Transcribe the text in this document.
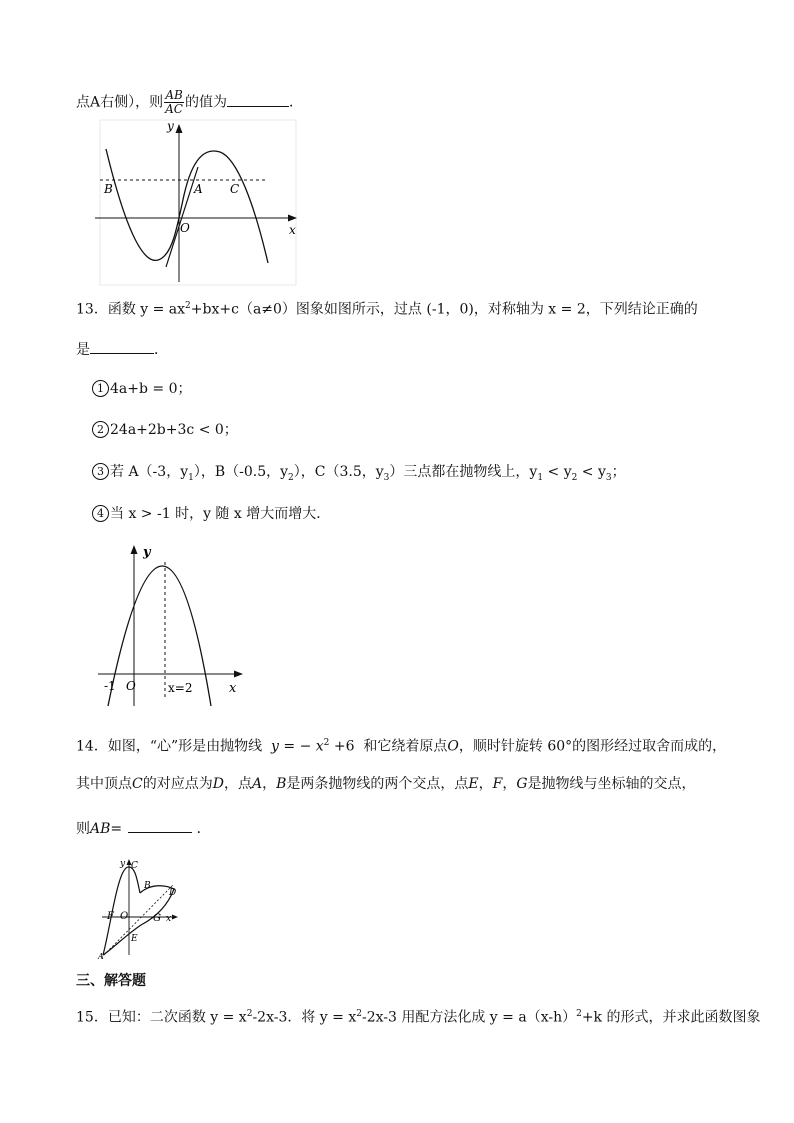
点A右侧），则 $\frac{AB}{AC}$ 的值为	．
y
x
O
B	A C
13．函数 $y = ax^2+bx+c(a\ne 0)$图象如图所示，过点 (-1，0)，对称轴为 x = 2，下列结论正确的
是	．
1 4a+b = 0；
2 24a+2b+3c < 0；
3 若 A（-3，$y_1$），B（-0.5，$y_2$），C（3.5，$y_3$）三点都在抛物线上，$y_1 < y_2 < y_3$；
4 当 x > -1 时，y 随 x 增大而增大．
y
x
O
-1	x=2
14．如图，“心”形是由抛物线 y = − $x^2 +6$ 和它绕着原点O，顺时针旋转 60°的图形经过取舍而成的，
其中顶点C的对应点为D，点A，B是两条抛物线的两个交点，点E，F，G是抛物线与坐标轴的交点，
则AB=	．
y C
B
D
F O G x
E
A
三、解答题
15．已知：二次函数 $y = x^2-2x-3$．将 $y = x^2-2x-3$ 用配方法化成 $y = a(x-h)^2+k$ 的形式，并求此函数图象
